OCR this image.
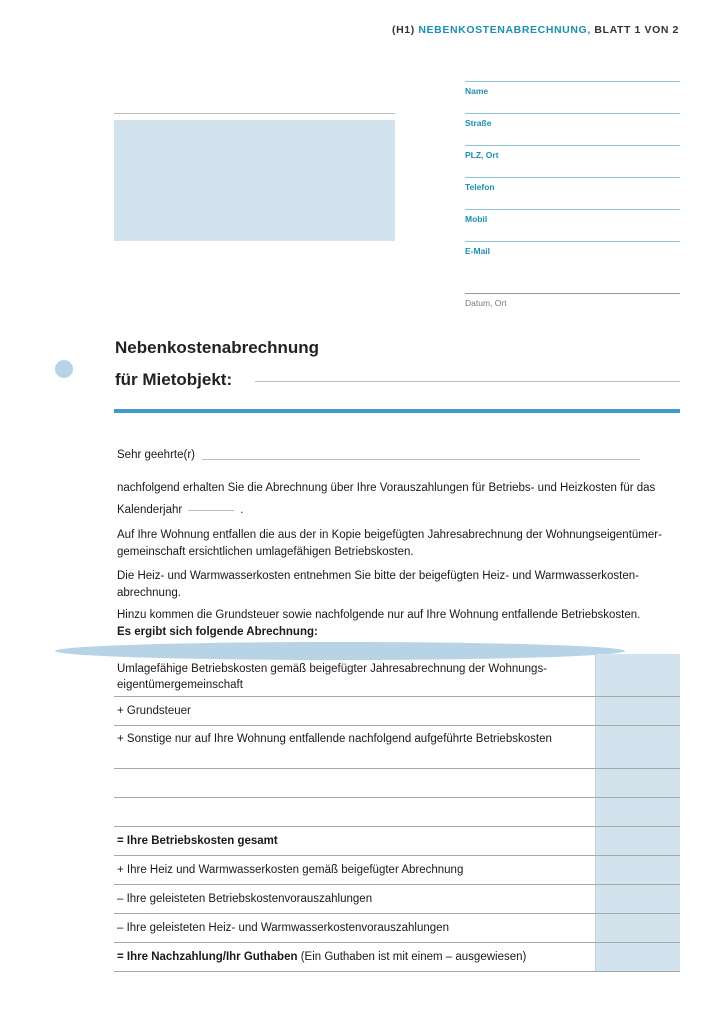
(H1) NEBENKOSTENABRECHNUNG, BLATT 1 VON 2
Name
Straße
PLZ, Ort
Telefon
Mobil
E-Mail
Datum, Ort
Nebenkostenabrechnung
für Mietobjekt:
Sehr geehrte(r)
nachfolgend erhalten Sie die Abrechnung über Ihre Vorauszahlungen für Betriebs- und Heizkosten für das
Kalenderjahr	.
Auf Ihre Wohnung entfallen die aus der in Kopie beigefügten Jahresabrechnung der Wohnungseigentümergemeinschaft ersichtlichen umlagefähigen Betriebskosten.
Die Heiz- und Warmwasserkosten entnehmen Sie bitte der beigefügten Heiz- und Warmwasserkostenabrechnung.
Hinzu kommen die Grundsteuer sowie nachfolgende nur auf Ihre Wohnung entfallende Betriebskosten.
Es ergibt sich folgende Abrechnung:
Umlagefähige Betriebskosten gemäß beigefügter Jahresabrechnung der Wohnungseigentümergemeinschaft
+ Grundsteuer
+ Sonstige nur auf Ihre Wohnung entfallende nachfolgend aufgeführte Betriebskosten
= Ihre Betriebskosten gesamt
+ Ihre Heiz und Warmwasserkosten gemäß beigefügter Abrechnung
– Ihre geleisteten Betriebskostenvorauszahlungen
– Ihre geleisteten Heiz- und Warmwasserkostenvorauszahlungen
= Ihre Nachzahlung/Ihr Guthaben (Ein Guthaben ist mit einem – ausgewiesen)
